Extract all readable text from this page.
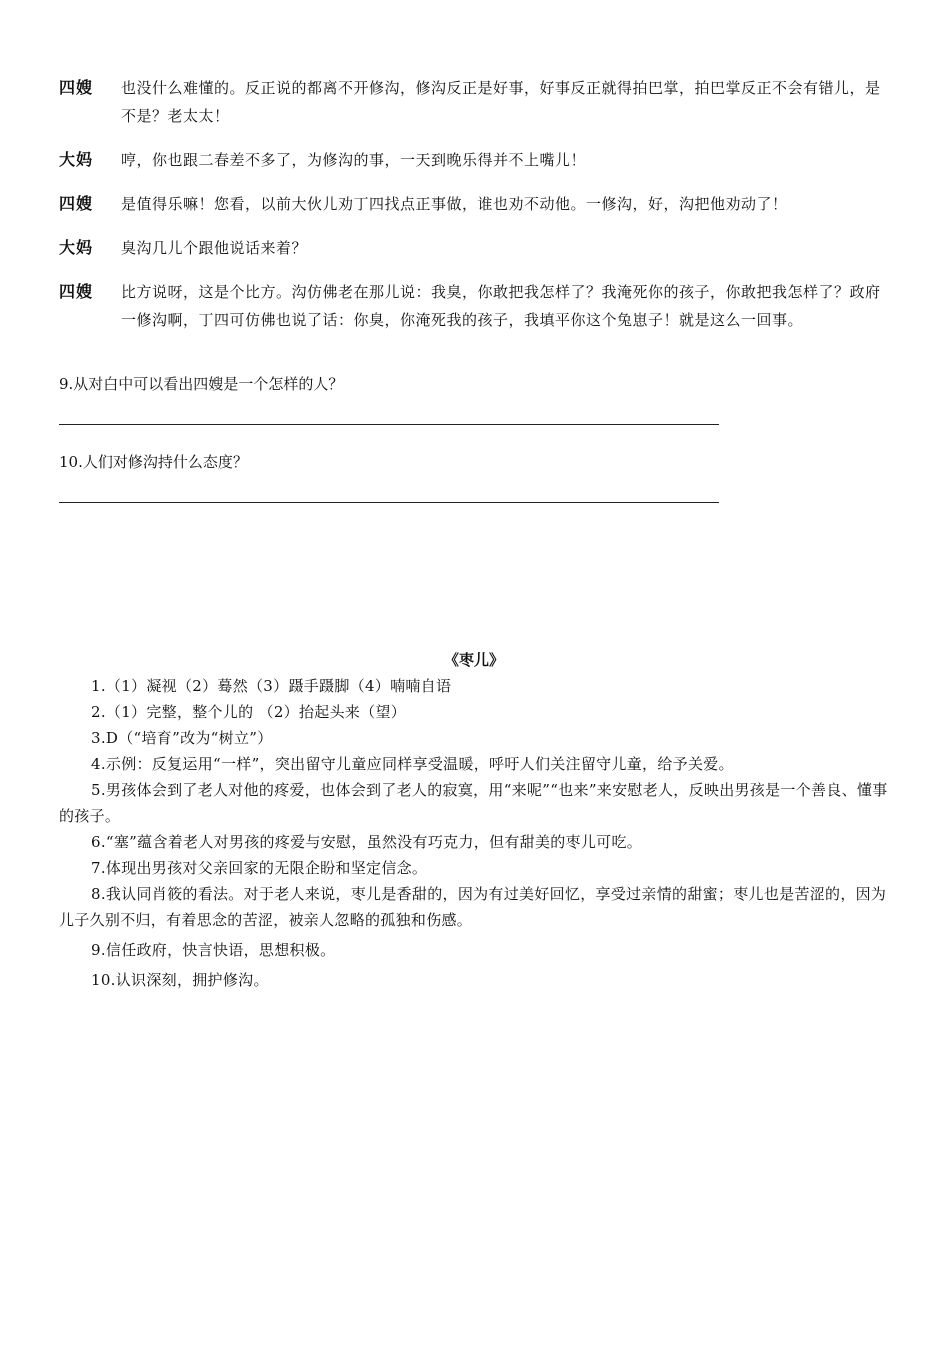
四嫂	也没什么难懂的。反正说的都离不开修沟，修沟反正是好事，好事反正就得拍巴掌，拍巴掌反正不会有错儿，是不是？老太太！
大妈	哼，你也跟二春差不多了，为修沟的事，一天到晚乐得并不上嘴儿！
四嫂	是值得乐嘛！您看，以前大伙儿劝丁四找点正事做，谁也劝不动他。一修沟，好，沟把他劝动了！
大妈	臭沟几儿个跟他说话来着？
四嫂	比方说呀，这是个比方。沟仿佛老在那儿说：我臭，你敢把我怎样了？我淹死你的孩子，你敢把我怎样了？政府一修沟啊，丁四可仿佛也说了话：你臭，你淹死我的孩子，我填平你这个兔崽子！就是这么一回事。
9.从对白中可以看出四嫂是一个怎样的人？
10.人们对修沟持什么态度？
《枣儿》
1.（1）凝视（2）蓦然（3）蹑手蹑脚（4）喃喃自语
2.（1）完整，整个儿的 （2）抬起头来（望）
3.D（“培育”改为“树立”）
4.示例：反复运用“一样”，突出留守儿童应同样享受温暖，呼吁人们关注留守儿童，给予关爱。
5.男孩体会到了老人对他的疼爱，也体会到了老人的寂寞，用“来呢”“也来”来安慰老人，反映出男孩是一个善良、懂事的孩子。
6.“塞”蕴含着老人对男孩的疼爱与安慰，虽然没有巧克力，但有甜美的枣儿可吃。
7.体现出男孩对父亲回家的无限企盼和坚定信念。
8.我认同肖筱的看法。对于老人来说，枣儿是香甜的，因为有过美好回忆，享受过亲情的甜蜜；枣儿也是苦涩的，因为儿子久别不归，有着思念的苦涩，被亲人忽略的孤独和伤感。
9.信任政府，快言快语，思想积极。
10.认识深刻，拥护修沟。
